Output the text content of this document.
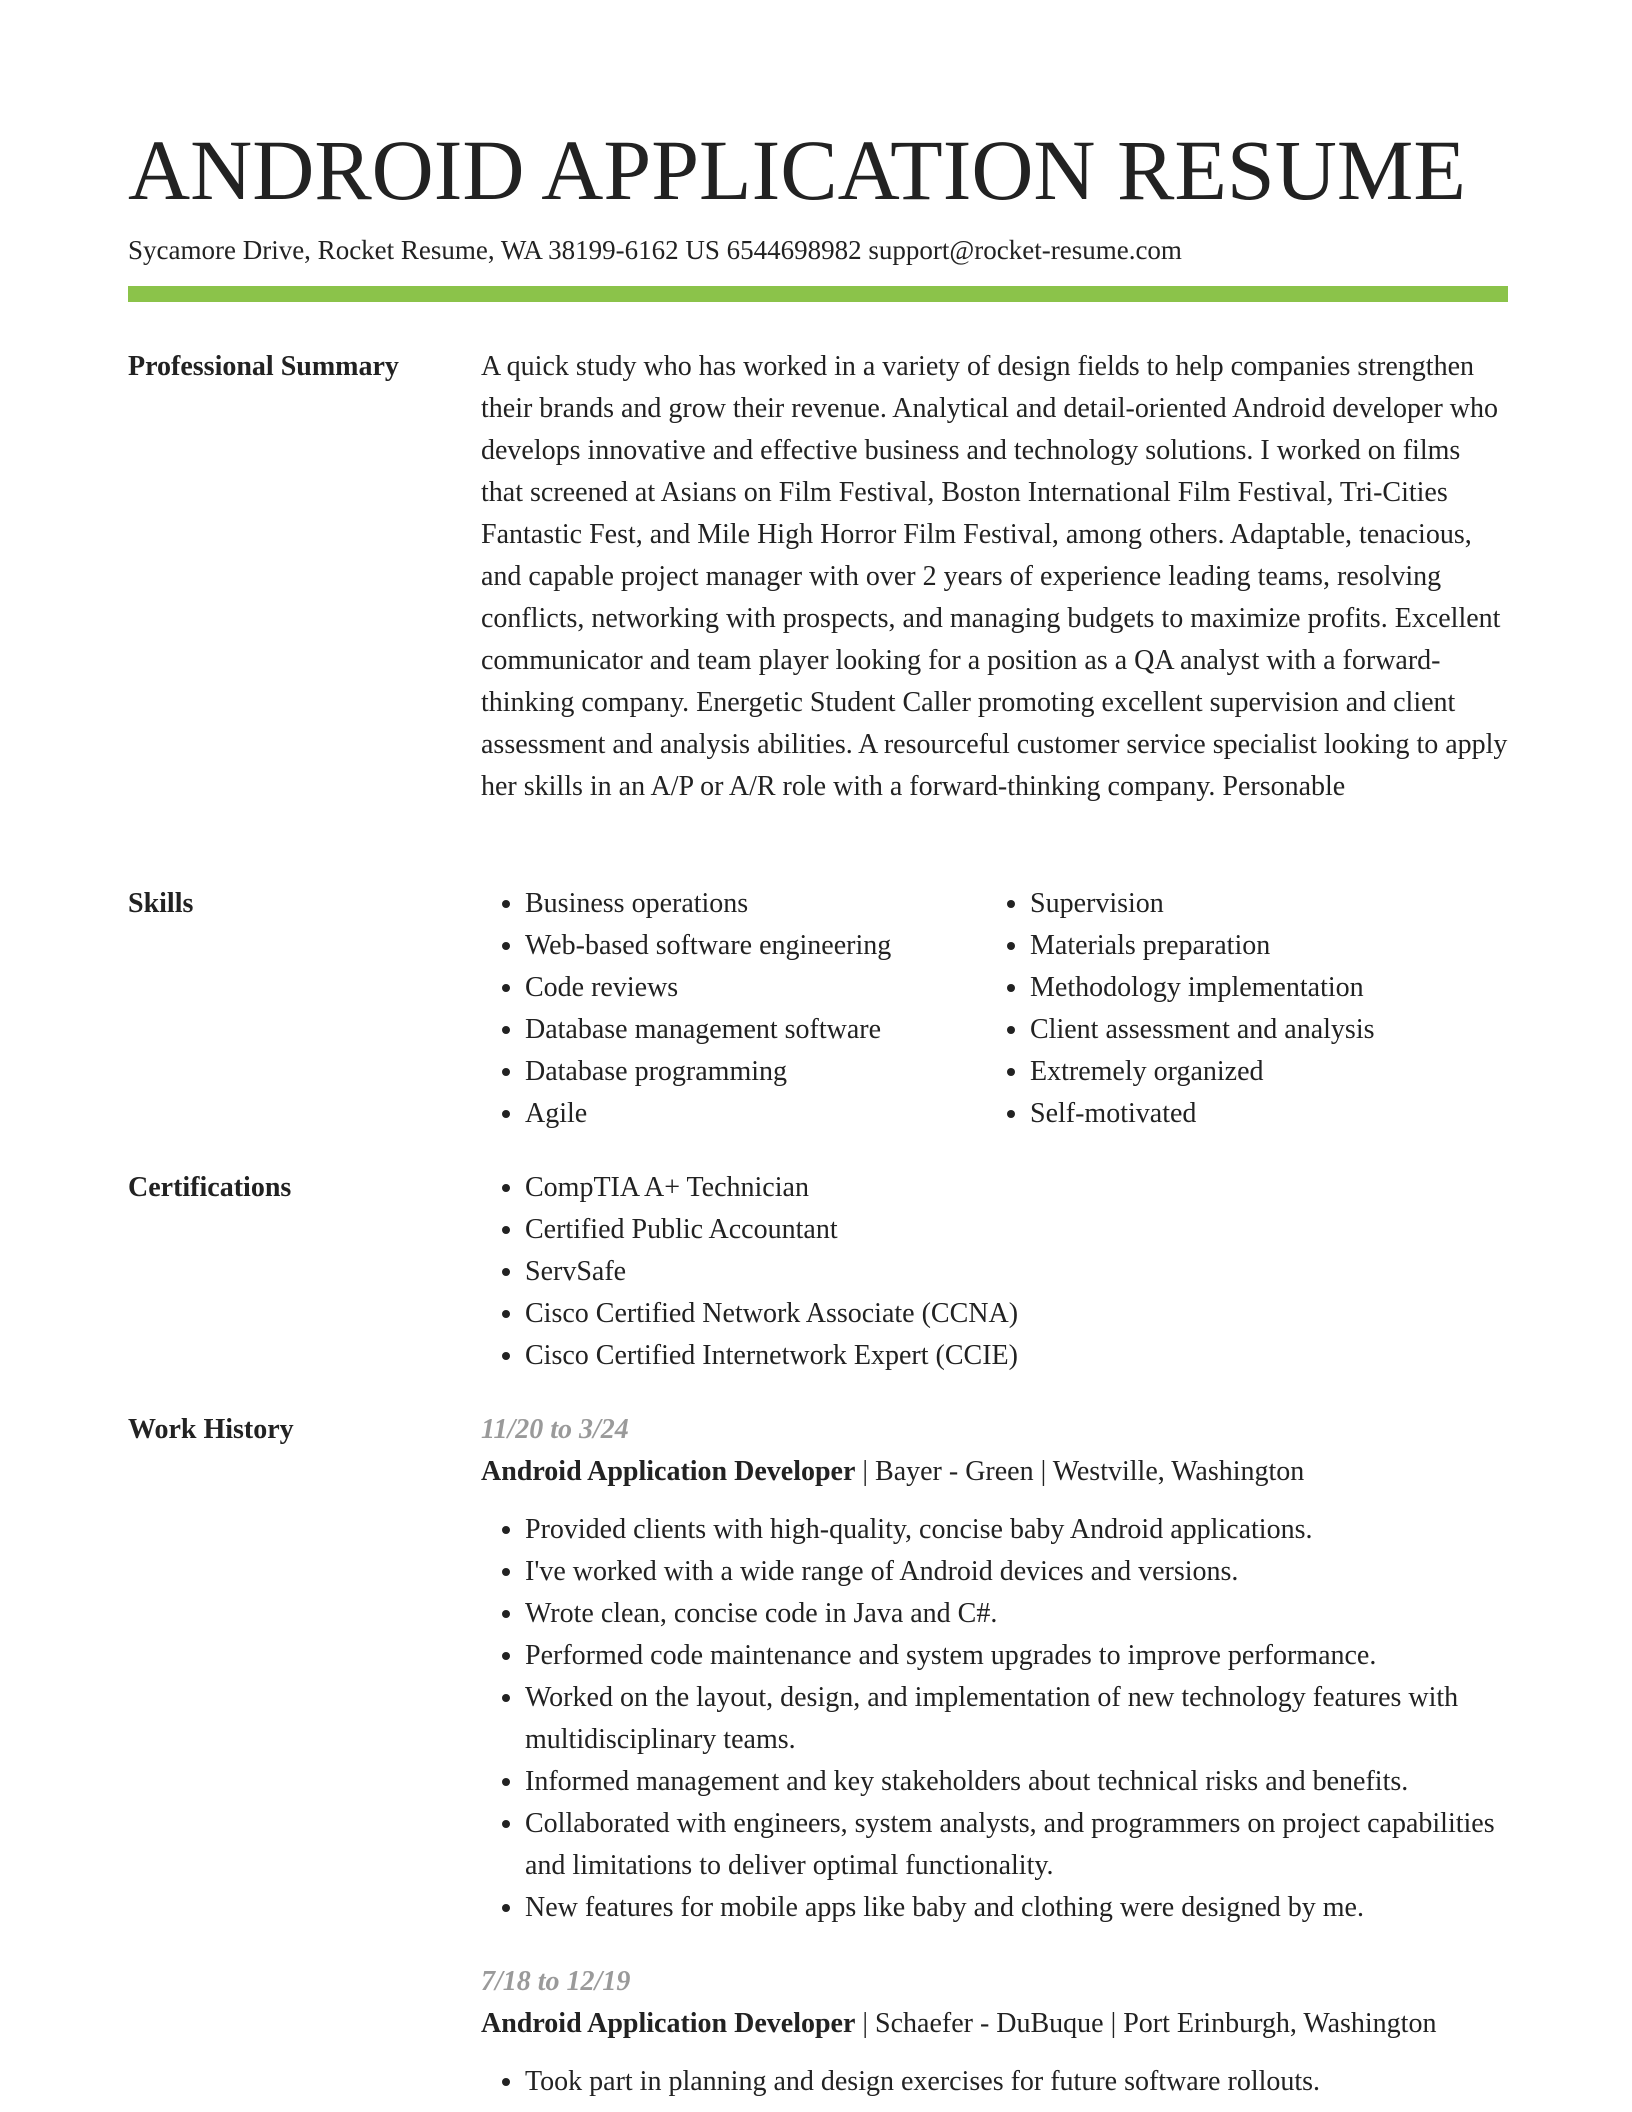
ANDROID APPLICATION RESUME
Sycamore Drive, Rocket Resume, WA 38199-6162 US 6544698982 support@rocket-resume.com
Professional Summary	A quick study who has worked in a variety of design fields to help companies strengthen their brands and grow their revenue. Analytical and detail-oriented Android developer who develops innovative and effective business and technology solutions. I worked on films that screened at Asians on Film Festival, Boston International Film Festival, Tri-Cities Fantastic Fest, and Mile High Horror Film Festival, among others. Adaptable, tenacious, and capable project manager with over 2 years of experience leading teams, resolving conflicts, networking with prospects, and managing budgets to maximize profits. Excellent communicator and team player looking for a position as a QA analyst with a forward-thinking company. Energetic Student Caller promoting excellent supervision and client assessment and analysis abilities. A resourceful customer service specialist looking to apply her skills in an A/P or A/R role with a forward-thinking company. Personable

Skills	• Business operations
• Web-based software engineering
• Code reviews
• Database management software
• Database programming
• Agile
• Supervision
• Materials preparation
• Methodology implementation
• Client assessment and analysis
• Extremely organized
• Self-motivated
Certifications	• CompTIA A+ Technician
• Certified Public Accountant
• ServSafe
• Cisco Certified Network Associate (CCNA)
• Cisco Certified Internetwork Expert (CCIE)
Work History	11/20 to 3/24
Android Application Developer | Bayer - Green | Westville, Washington
• Provided clients with high-quality, concise baby Android applications.
• I've worked with a wide range of Android devices and versions.
• Wrote clean, concise code in Java and C#.
• Performed code maintenance and system upgrades to improve performance.
• Worked on the layout, design, and implementation of new technology features with multidisciplinary teams.
• Informed management and key stakeholders about technical risks and benefits.
• Collaborated with engineers, system analysts, and programmers on project capabilities and limitations to deliver optimal functionality.
• New features for mobile apps like baby and clothing were designed by me.
7/18 to 12/19
Android Application Developer | Schaefer - DuBuque | Port Erinburgh, Washington
• Took part in planning and design exercises for future software rollouts.
